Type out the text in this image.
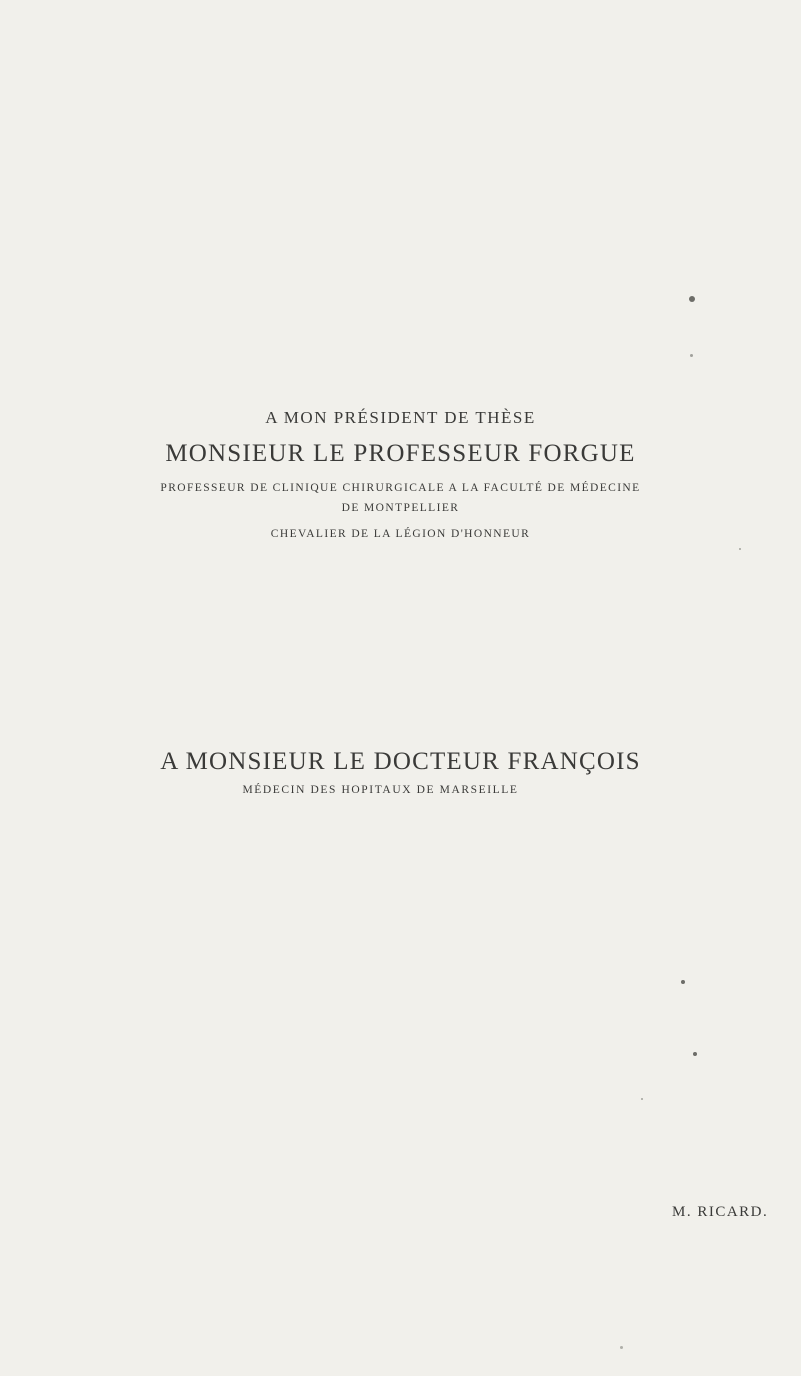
A MON PRÉSIDENT DE THÈSE
MONSIEUR LE PROFESSEUR FORGUE
PROFESSEUR DE CLINIQUE CHIRURGICALE A LA FACULTÉ DE MÉDECINE
DE MONTPELLIER
CHEVALIER DE LA LÉGION D'HONNEUR
A MONSIEUR LE DOCTEUR FRANÇOIS
MÉDECIN DES HOPITAUX DE MARSEILLE
M. RICARD.
